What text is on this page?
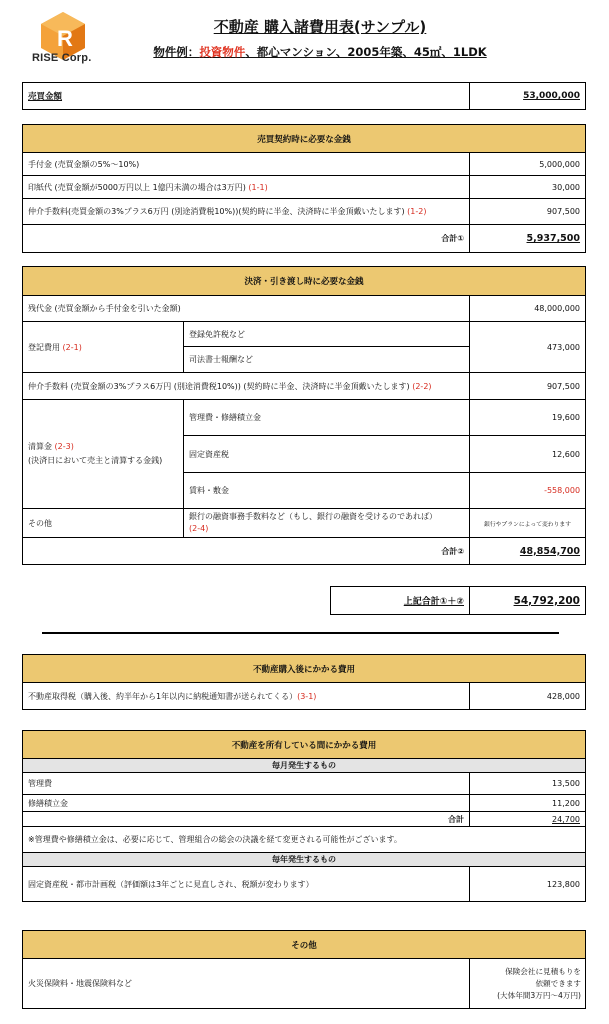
R
RISE Corp.
不動産 購入諸費用表(サンプル)
物件例：投資物件、都心マンション、2005年築、45㎡、1LDK
売買金額	53,000,000
売買契約時に必要な金銭	
手付金 (売買金額の5%～10%)	5,000,000
印紙代 (売買金額が5000万円以上 1億円未満の場合は3万円) (1-1)	30,000
仲介手数料(売買金額の3%プラス6万円 (別途消費税10%))(契約時に半金、決済時に半金頂戴いたします) (1-2)	907,500
合計①	5,937,500
決済・引き渡し時に必要な金銭		
残代金 (売買金額から手付金を引いた金額)		48,000,000
登記費用 (2-1)	登録免許税など	473,000
	司法書士報酬など	
仲介手数料 (売買金額の3%プラス6万円 (別途消費税10%)) (契約時に半金、決済時に半金頂戴いたします) (2-2)		907,500
清算金 (2-3)
(決済日において売主と清算する金銭)	管理費・修繕積立金	19,600
	固定資産税	12,600
	賃料・敷金	-558,000
その他	銀行の融資事務手数料など（もし、銀行の融資を受けるのであれば）
(2-4)	銀行やプランによって変わります
合計②		48,854,700
上記合計①＋②	54,792,200
不動産購入後にかかる費用
不動産取得税（購入後、約半年から1年以内に納税通知書が送られてくる）(3-1)	428,000
不動産を所有している間にかかる費用	
毎月発生するもの	
管理費	13,500
修繕積立金	11,200
合計	24,700
※管理費や修繕積立金は、必要に応じて、管理組合の総会の決議を経て変更される可能性がございます。	
毎年発生するもの	
固定資産税・都市計画税（評価額は3年ごとに見直しされ、税額が変わります）	123,800
その他
火災保険料・地震保険料など	保険会社に見積もりを
依頼できます
(大体年間3万円～4万円)
